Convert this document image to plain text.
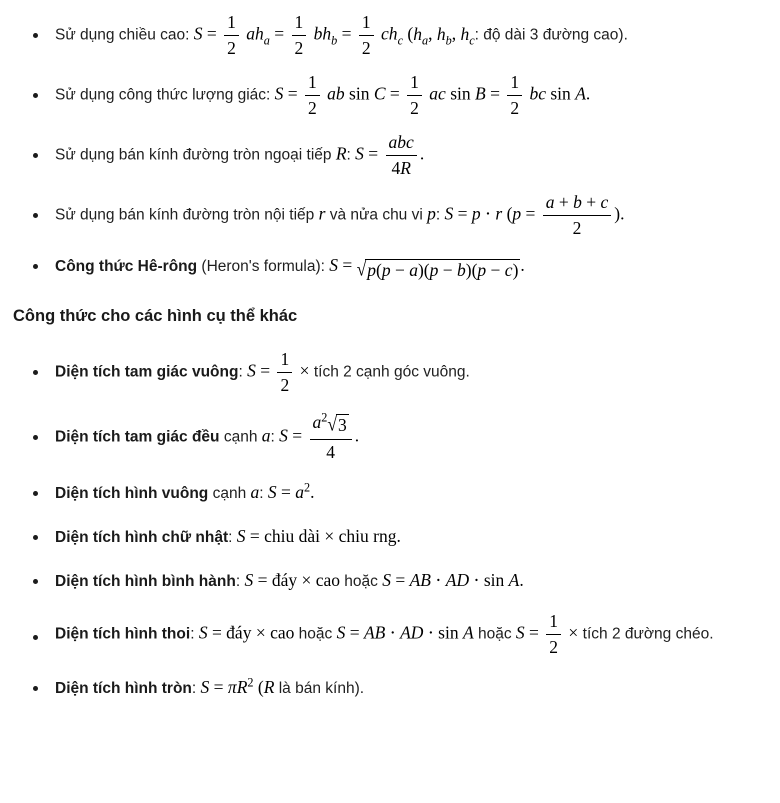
Sử dụng chiều cao: $S = \frac{1}{2} ah_a = \frac{1}{2} bh_b = \frac{1}{2} ch_c$ ($h_a$, $h_b$, $h_c$: độ dài 3 đường cao).
Sử dụng công thức lượng giác: $S = \frac{1}{2}$ ab $\sin C = \frac{1}{2}$ ac $\sin B = \frac{1}{2}$ bc sin A.
Sử dụng bán kính đường tròn ngoại tiếp R: $S = \frac{\text{abc}}{4R}$ .
Sử dụng bán kính đường tròn nội tiếp r và nửa chu vi p: S = p ⋅ r ($p = \frac{a + b + c}{2}$ ).
Công thức Hê-rông (Heron's formula): S = √ p(p − a)(p − b)(p − c) .
Công thức cho các hình cụ thể khác
Diện tích tam giác vuông: $S = \frac{1}{2}$ × tích 2 cạnh góc vuông.
Diện tích tam giác đều cạnh a: $S = \frac{a^2 √ 3}{4}$ .
Diện tích hình vuông cạnh a: $S = a^2$.
Diện tích hình chữ nhật: S = chiu dài × chiu rng.
Diện tích hình bình hành: S = đáy × cao hoặc S = AB ⋅ AD ⋅ sin A.
Diện tích hình thoi: S = đáy × cao hoặc S = AB ⋅ AD ⋅ sin A hoặc $S = \frac{1}{2}$ × tích 2 đường chéo.
Diện tích hình tròn: $S = \pi R^2$ (R là bán kính).
